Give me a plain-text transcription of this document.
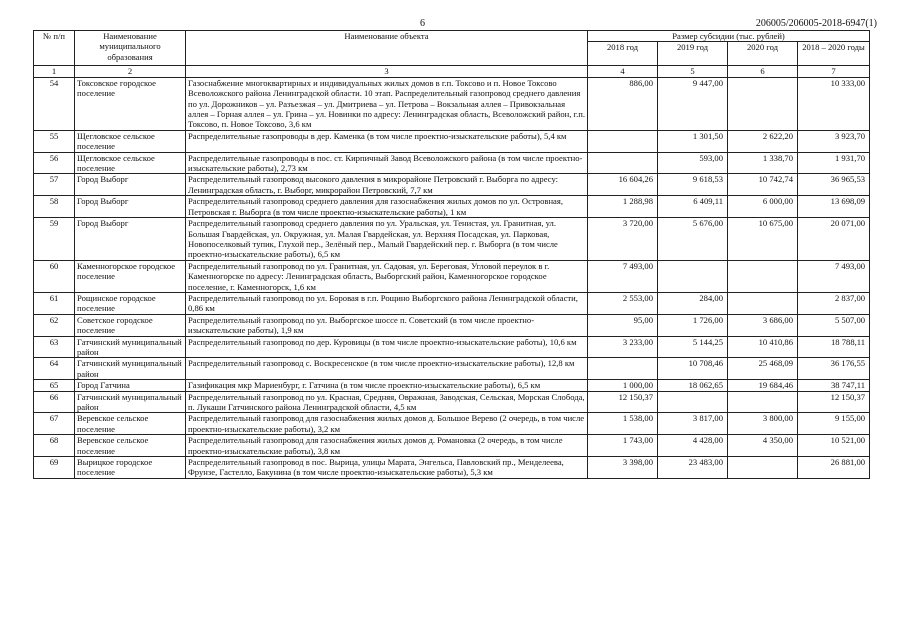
6	206005/206005-2018-6947(1)
№ п/п	Наименование муниципального образования	Наименование объекта	Размер субсидии (тыс. рублей)			
			2018 год	2019 год	2020 год	2018 – 2020 годы
1	2	3	4	5	6	7
54	Токсовское городское поселение	Газоснабжение многоквартирных и индивидуальных жилых домов в г.п. Токсово и п. Новое Токсово Всеволожского района Ленинградской области. 10 этап. Распределительный газопровод среднего давления по ул. Дорожников – ул. Разъезжая – ул. Дмитриева – ул. Петрова – Вокзальная аллея – Привокзальная аллея – Горная аллея – ул. Грина – ул. Новинки по адресу: Ленинградская область, Всеволожский район, г.п. Токсово, п. Новое Токсово, 3,6 км	886,00	9 447,00		10 333,00
55	Щегловское сельское поселение	Распределительные газопроводы в дер. Каменка (в том числе проектно-изыскательские работы), 5,4 км		1 301,50	2 622,20	3 923,70
56	Щегловское сельское поселение	Распределительные газопроводы в пос. ст. Кирпичный Завод Всеволожского района (в том числе проектно-изыскательские работы), 2,73 км		593,00	1 338,70	1 931,70
57	Город Выборг	Распределительный газопровод высокого давления в микрорайоне Петровский г. Выборга по адресу: Ленинградская область, г. Выборг, микрорайон Петровский, 7,7 км	16 604,26	9 618,53	10 742,74	36 965,53
58	Город Выборг	Распределительный газопровод среднего давления для газоснабжения жилых домов по ул. Островная, Петровская г. Выборга (в том числе проектно-изыскательские работы), 1 км	1 288,98	6 409,11	6 000,00	13 698,09
59	Город Выборг	Распределительный газопровод среднего давления по ул. Уральская, ул. Тенистая, ул. Гранитная, ул. Большая Гвардейская, ул. Окружная, ул. Малая Гвардейская, ул. Верхняя Посадская, ул. Парковая, Новопоселковый тупик, Глухой пер., Зелёный пер., Малый Гвардейский пер. г. Выборга (в том числе проектно-изыскательские работы), 6,5 км	3 720,00	5 676,00	10 675,00	20 071,00
60	Каменногорское городское поселение	Распределительный газопровод по ул. Гранитная, ул. Садовая, ул. Береговая, Угловой переулок в г. Каменногорске по адресу: Ленинградская область, Выборгский район, Каменногорское городское поселение, г. Каменногорск, 1,6 км	7 493,00			7 493,00
61	Рощинское городское поселение	Распределительный газопровод по ул. Боровая в г.п. Рощино Выборгского района Ленинградской области, 0,86 км	2 553,00	284,00		2 837,00
62	Советское городское поселение	Распределительный газопровод по ул. Выборгское шоссе п. Советский (в том числе проектно-изыскательские работы), 1,9 км	95,00	1 726,00	3 686,00	5 507,00
63	Гатчинский муниципальный район	Распределительный газопровод по дер. Куровицы (в том числе проектно-изыскательские работы), 10,6 км	3 233,00	5 144,25	10 410,86	18 788,11
64	Гатчинский муниципальный район	Распределительный газопровод с. Воскресенское (в том числе проектно-изыскательские работы), 12,8 км		10 708,46	25 468,09	36 176,55
65	Город Гатчина	Газификация мкр Мариенбург, г. Гатчина (в том числе проектно-изыскательские работы), 6,5 км	1 000,00	18 062,65	19 684,46	38 747,11
66	Гатчинский муниципальный район	Распределительный газопровод по ул. Красная, Средняя, Овражная, Заводская, Сельская, Морская Слобода, п. Лукаши Гатчинского района Ленинградской области, 4,5 км	12 150,37			12 150,37
67	Веревское сельское поселение	Распределительный газопровод для газоснабжения жилых домов д. Большое Верево (2 очередь, в том числе проектно-изыскательские работы), 3,2 км	1 538,00	3 817,00	3 800,00	9 155,00
68	Веревское сельское поселение	Распределительный газопровод для газоснабжения жилых домов д. Романовка (2 очередь, в том числе проектно-изыскательские работы), 3,8 км	1 743,00	4 428,00	4 350,00	10 521,00
69	Вырицкое городское поселение	Распределительный газопровод в пос. Вырица, улицы Марата, Энгельса, Павловский пр., Менделеева, Фрунзе, Гастелло, Бакунина (в том числе проектно-изыскательские работы), 5,3 км	3 398,00	23 483,00		26 881,00
